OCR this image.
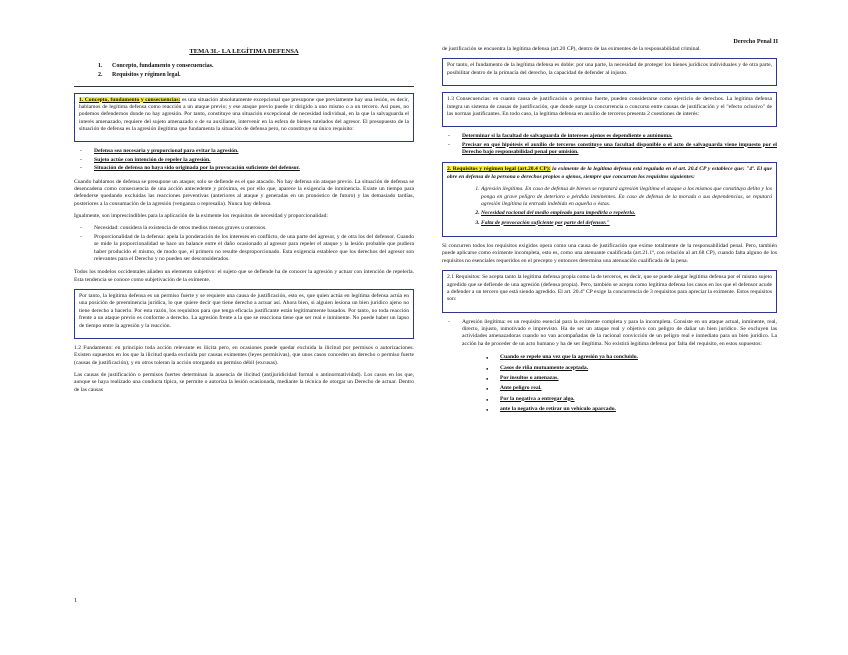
Derecho Penal II
TEMA 3I.- LA LEGÍTIMA DEFENSA
1. Concepto, fundamento y consecuencias.
2. Requisitos y régimen legal.

1. Concepto, fundamento y consecuencias: es una situación absolutamente excepcional que presupone que previamente hay una lesión, es decir, hablamos de legítima defensa como reacción a un ataque previo; y ese ataque previo puede ir dirigido a uno mismo o a un tercero. Así pues, no podemos defendernos donde no hay agresión. Por tanto, constituye una situación excepcional de necesidad individual, en la que la salvaguarda el interés amenazado, requiere del sujeto amenazado o de su auxiliante, intervenir en la esfera de bienes tutelados del agresor. El presupuesto de la situación de defensa es la agresión ilegítima que fundamenta la situación de defensa pero, no constituye su único requisito:

- Defensa sea necesaria y proporcional para evitar la agresión.
- Sujeto actúe con intención de repeler la agresión.
- Situación de defensa no haya sido originada por la provocación suficiente del defensor.

Cuando hablamos de defensa se presupone un ataque; solo se defiende es el que atacado. No hay defensa sin ataque previo. La situación de defensa se desencadena como consecuencia de una acción antecedente y próxima, es por ello que, aparece la exigencia de inminencia. Existe un tiempo para defenderse quedando excluidas las reacciones preventivas (anteriores al ataque y generadas en un pronóstico de futuro) y las demasiado tardías, posteriores a la consumación de la agresión (venganza o represalia). Nunca hay defensa.

Igualmente, son imprescindibles para la aplicación de la eximente los requisitos de necesidad y proporcionalidad:

- Necesidad: considera la existencia de otros medios menos graves u onerosos.
- Proporcionalidad de la defensa: apela la ponderación de los intereses en conflicto, de una parte del agresor, y de otra los del defensor. Cuando se mide la proporcionalidad se hace un balance entre el daño ocasionado al agresor para repeler el ataque y la lesión probable que pudiera haber producido el mismo, de modo que, el primero no resulte desproporcionado. Esta exigencia establece que los derechos del agresor son relevantes para el Derecho y no pueden ser desconsiderados.

Todos los modelos occidentales añaden un elemento subjetivo: el sujeto que se defiende ha de conocer la agresión y actuar con intención de repelerla. Esta tendencia se conoce como subjetivación de la eximente.

Por tanto, la legítima defensa es un permiso fuerte y se requiere una causa de justificación, esto es, que quien actúa en legítima defensa actúa en una posición de preeminencia jurídica, lo que quiere decir que tiene derecho a actuar así. Ahora bien, si alguien lesiona un bien jurídico ajeno no tiene derecho a hacerlo. Por esta razón, los requisitos para que tenga eficacia justificante están legítimamente basados. Por tanto, no toda reacción frente a un ataque previo es conforme a derecho. La agresión frente a la que se reacciona tiene que ser real e inminente. No puede haber un lapso de tiempo entre la agresión y la reacción.

1.2 Fundamento: en principio toda acción relevante es ilícita pero, en ocasiones puede quedar excluida la ilicitud por permisos o autorizaciones. Existen supuestos en los que la ilicitud queda excluida por causas eximentes (leyes permisivas), que unos casos conceden un derecho o permiso fuerte (causas de justificación), y en otros toleran la acción otorgando un permiso débil (excusas).

Las causas de justificación o permisos fuertes determinan la ausencia de ilicitud (antijuridicidad formal o antinormatividad). Los casos en los que, aunque se haya realizado una conducta típica, se permite o autoriza la lesión ocasionada, mediante la técnica de otorgar un Derecho de actuar. Dentro de las causas

1

de justificación se encuentra la legítima defensa (art.20 CP), dentro de las eximentes de la responsabilidad criminal.

Por tanto, el fundamento de la legítima defensa es doble: por una parte, la necesidad de proteger los bienes jurídicos individuales y de otra parte, posibilitar dentro de la primacía del derecho, la capacidad de defender al injusto.

1.3 Consecuencias: en cuanto causa de justificación o permiso fuerte, pueden considerarse como ejercicio de derechos. La legítima defensa integra un sistema de causas de justificación, que donde surge la concurrencia o concurso entre causas de justificación y el "efecto oclusivo" de las normas justificantes. En todo caso, la legítima defensa en auxilio de terceros presenta 2 cuestiones de interés:

- Determinar si la facultad de salvaguarda de intereses ajenos es dependiente o autónoma.
- Precisar en qué hipótesis el auxilio de terceros constituye una facultad disponible o el acto de salvaguarda viene impuesto por el Derecho bajo responsabilidad penal por omisión.

2. Requisitos y régimen legal (art.20.4 CP): la eximente de la legítima defensa está regulada en el art. 20.4 CP y establece que: "4º. El que obre en defensa de la persona o derechos propios o ajenos, siempre que concurran los requisitos siguientes:

1. Agresión ilegítima. En caso de defensa de bienes se reputará agresión ilegítima el ataque a los mismos que constituya delito y los ponga en grave peligro de deterioro o pérdida inminentes. En caso de defensa de la morada o sus dependencias, se reputará agresión ilegítima la entrada indebida en aquella o éstas.
2. Necesidad racional del medio empleado para impedirla o repelerla.
3. Falta de provocación suficiente por parte del defensor."

Si concurren todos los requisitos exigidos opera como una causa de justificación que exime totalmente de la responsabilidad penal. Pero, también puede aplicarse como eximente incompleta, esto es, como una atenuante cualificada (art.21.1ª, con relación al art.68 CP), cuando falta alguno de los requisitos no esenciales requeridos en el precepto y entonces determina una atenuación cualificada de la pena.

2.1 Requisitos: Se acepta tanto la legítima defensa propia como la de terceros, es decir, que se puede alegar legítima defensa por el mismo sujeto agredido que se defiende de una agresión (defensa propia). Pero, también se acepta como legítima defensa los casos en los que el defensor acude a defender a un tercero que está siendo agredido. El art. 20.4º CP exige la concurrencia de 3 requisitos para apreciar la eximente. Estos requisitos son:

- Agresión ilegítima: es un requisito esencial para la eximente completa y para la incompleta. Consiste en un ataque actual, inminente, real, directo, injusto, inmotivado e imprevisto. Ha de ser un ataque real y objetivo con peligro de dañar un bien jurídico. Se excluyen las actividades amenazadoras cuando no van acompañadas de la racional convicción de un peligro real e inmediato para un bien jurídico. La acción ha de proceder de un acto humano y ha de ser ilegítima. No existirá legítima defensa por falta del requisito, en estos supuestos:
● Cuando se repele una vez que la agresión ya ha concluido.
● Casos de riña mutuamente aceptada.
● Por insultos o amenazas.
● Ante peligro real.
● Por la negativa a entregar algo.
● ante la negativa de retirar un vehículo aparcado.
